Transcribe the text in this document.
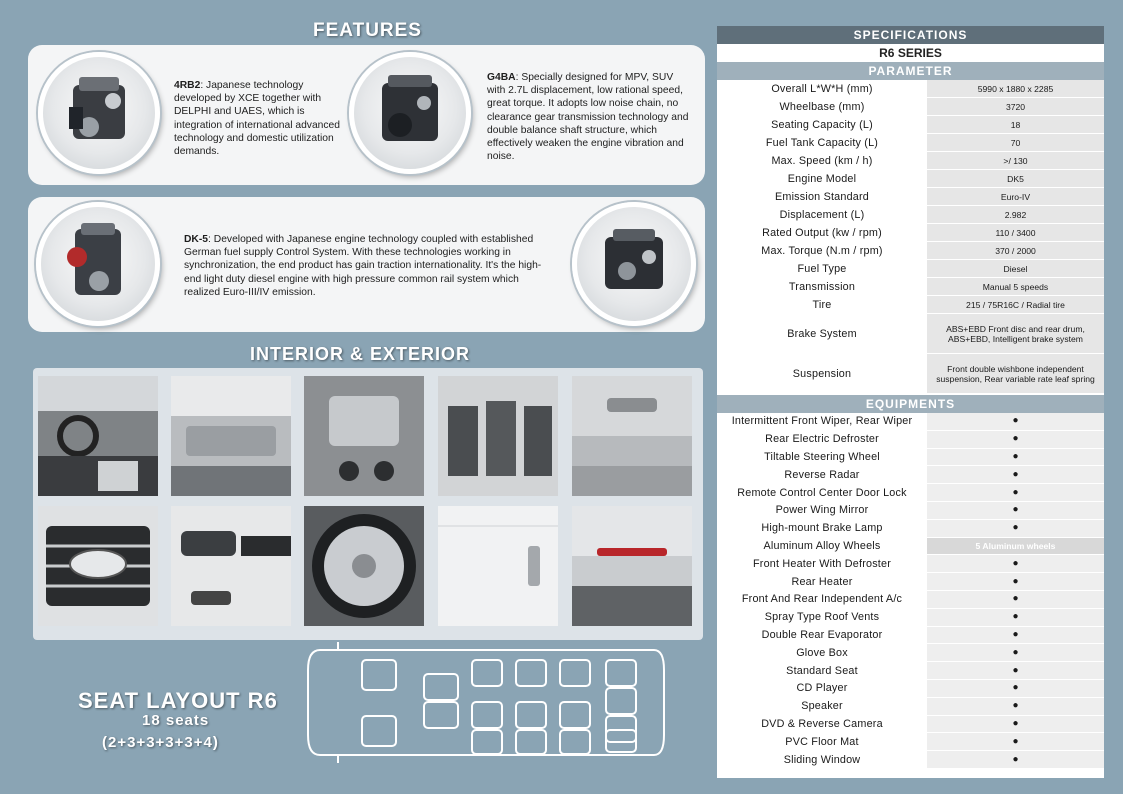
FEATURES
4RB2: Japanese technology developed by XCE together with DELPHI and UAES, which is integration of international advanced technology and domestic utilization demands.
G4BA: Specially designed for MPV, SUV with 2.7L displacement, low rational speed, great torque. It adopts low noise chain, no clearance gear transmission technology and double balance shaft structure, which effectively weaken the engine vibration and noise.
DK-5: Developed with Japanese engine technology coupled with established German fuel supply Control System. With these technologies working in synchronization, the end product has gain traction internationality. It's the high-end light duty diesel engine with high pressure common rail system which realized Euro-III/IV emission.
INTERIOR & EXTERIOR
SEAT LAYOUT R6
18 seats
(2+3+3+3+3+4)
SPECIFICATIONS
R6 SERIES
PARAMETER
Overall L*W*H (mm)	5990 x 1880 x 2285
Wheelbase (mm)	3720
Seating Capacity (L)	18
Fuel Tank Capacity (L)	70
Max. Speed (km / h)	>/ 130
Engine Model	DK5
Emission Standard	Euro-IV
Displacement (L)	2.982
Rated Output (kw / rpm)	110 / 3400
Max. Torque (N.m / rpm)	370 / 2000
Fuel Type	Diesel
Transmission	Manual 5 speeds
Tire	215 / 75R16C / Radial tire
Brake System	ABS+EBD Front disc and rear drum, ABS+EBD, Intelligent brake system
Suspension	Front double wishbone independent suspension, Rear variable rate leaf spring
EQUIPMENTS
Intermittent Front Wiper, Rear Wiper	●
Rear Electric Defroster	●
Tiltable Steering Wheel	●
Reverse Radar	●
Remote Control Center Door Lock	●
Power Wing Mirror	●
High-mount Brake Lamp	●
Aluminum Alloy Wheels	5 Aluminum wheels
Front Heater With Defroster	●
Rear Heater	●
Front And Rear Independent A/c	●
Spray Type Roof Vents	●
Double Rear Evaporator	●
Glove Box	●
Standard Seat	●
CD Player	●
Speaker	●
DVD & Reverse Camera	●
PVC Floor Mat	●
Sliding Window	●
